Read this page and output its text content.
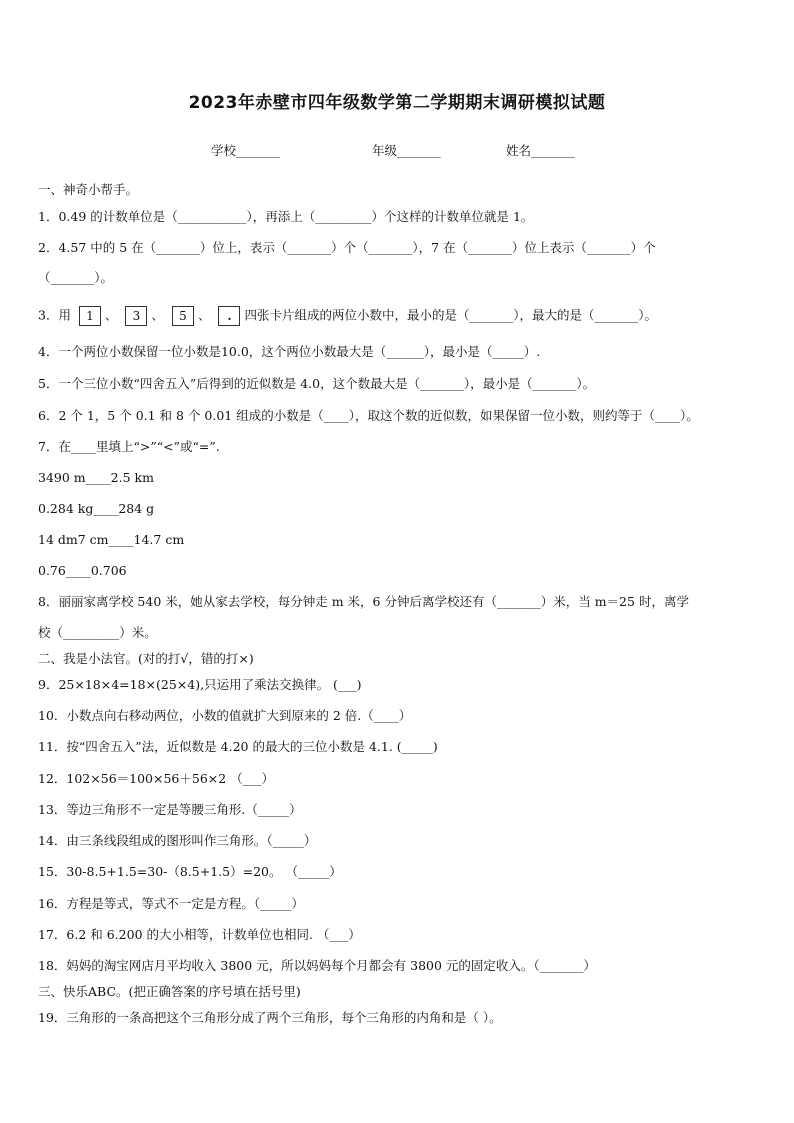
2023年赤壁市四年级数学第二学期期末调研模拟试题
学校_______	年级_______	姓名_______
一、神奇小帮手。
1．0.49 的计数单位是（___________），再添上（_________）个这样的计数单位就是 1。
2．4.57 中的 5 在（_______）位上，表示（_______）个（_______），7 在（_______）位上表示（_______）个
（_______）。
3．用 1 、 3 、 5 、 . 四张卡片组成的两位小数中，最小的是（_______），最大的是（_______）。
4．一个两位小数保留一位小数是10.0，这个两位小数最大是（______），最小是（_____）.
5．一个三位小数“四舍五入”后得到的近似数是 4.0，这个数最大是（_______），最小是（_______）。
6．2 个 1，5 个 0.1 和 8 个 0.01 组成的小数是（____），取这个数的近似数，如果保留一位小数，则约等于（____）。
7．在____里填上“>”“<”或“=”.
3490 m____2.5 km
0.284 kg____284 g
14 dm7 cm____14.7 cm
0.76____0.706
8．丽丽家离学校 540 米，她从家去学校，每分钟走 m 米，6 分钟后离学校还有（_______）米，当 m＝25 时，离学
校（_________）米。
二、我是小法官。(对的打√，错的打×)
9．25×18×4=18×(25×4),只运用了乘法交换律。 (___)
10．小数点向右移动两位，小数的值就扩大到原来的 2 倍.（____）
11．按“四舍五入”法，近似数是 4.20 的最大的三位小数是 4.1. (_____)
12．102×56＝100×56＋56×2 （___）
13．等边三角形不一定是等腰三角形.（_____）
14．由三条线段组成的图形叫作三角形。（_____）
15．30-8.5+1.5=30-（8.5+1.5）=20。 （_____）
16．方程是等式，等式不一定是方程。（_____）
17．6.2 和 6.200 的大小相等，计数单位也相同. （___）
18．妈妈的淘宝网店月平均收入 3800 元，所以妈妈每个月都会有 3800 元的固定收入。（_______）
三、快乐ABC。(把正确答案的序号填在括号里)
19．三角形的一条高把这个三角形分成了两个三角形，每个三角形的内角和是（ ）。
